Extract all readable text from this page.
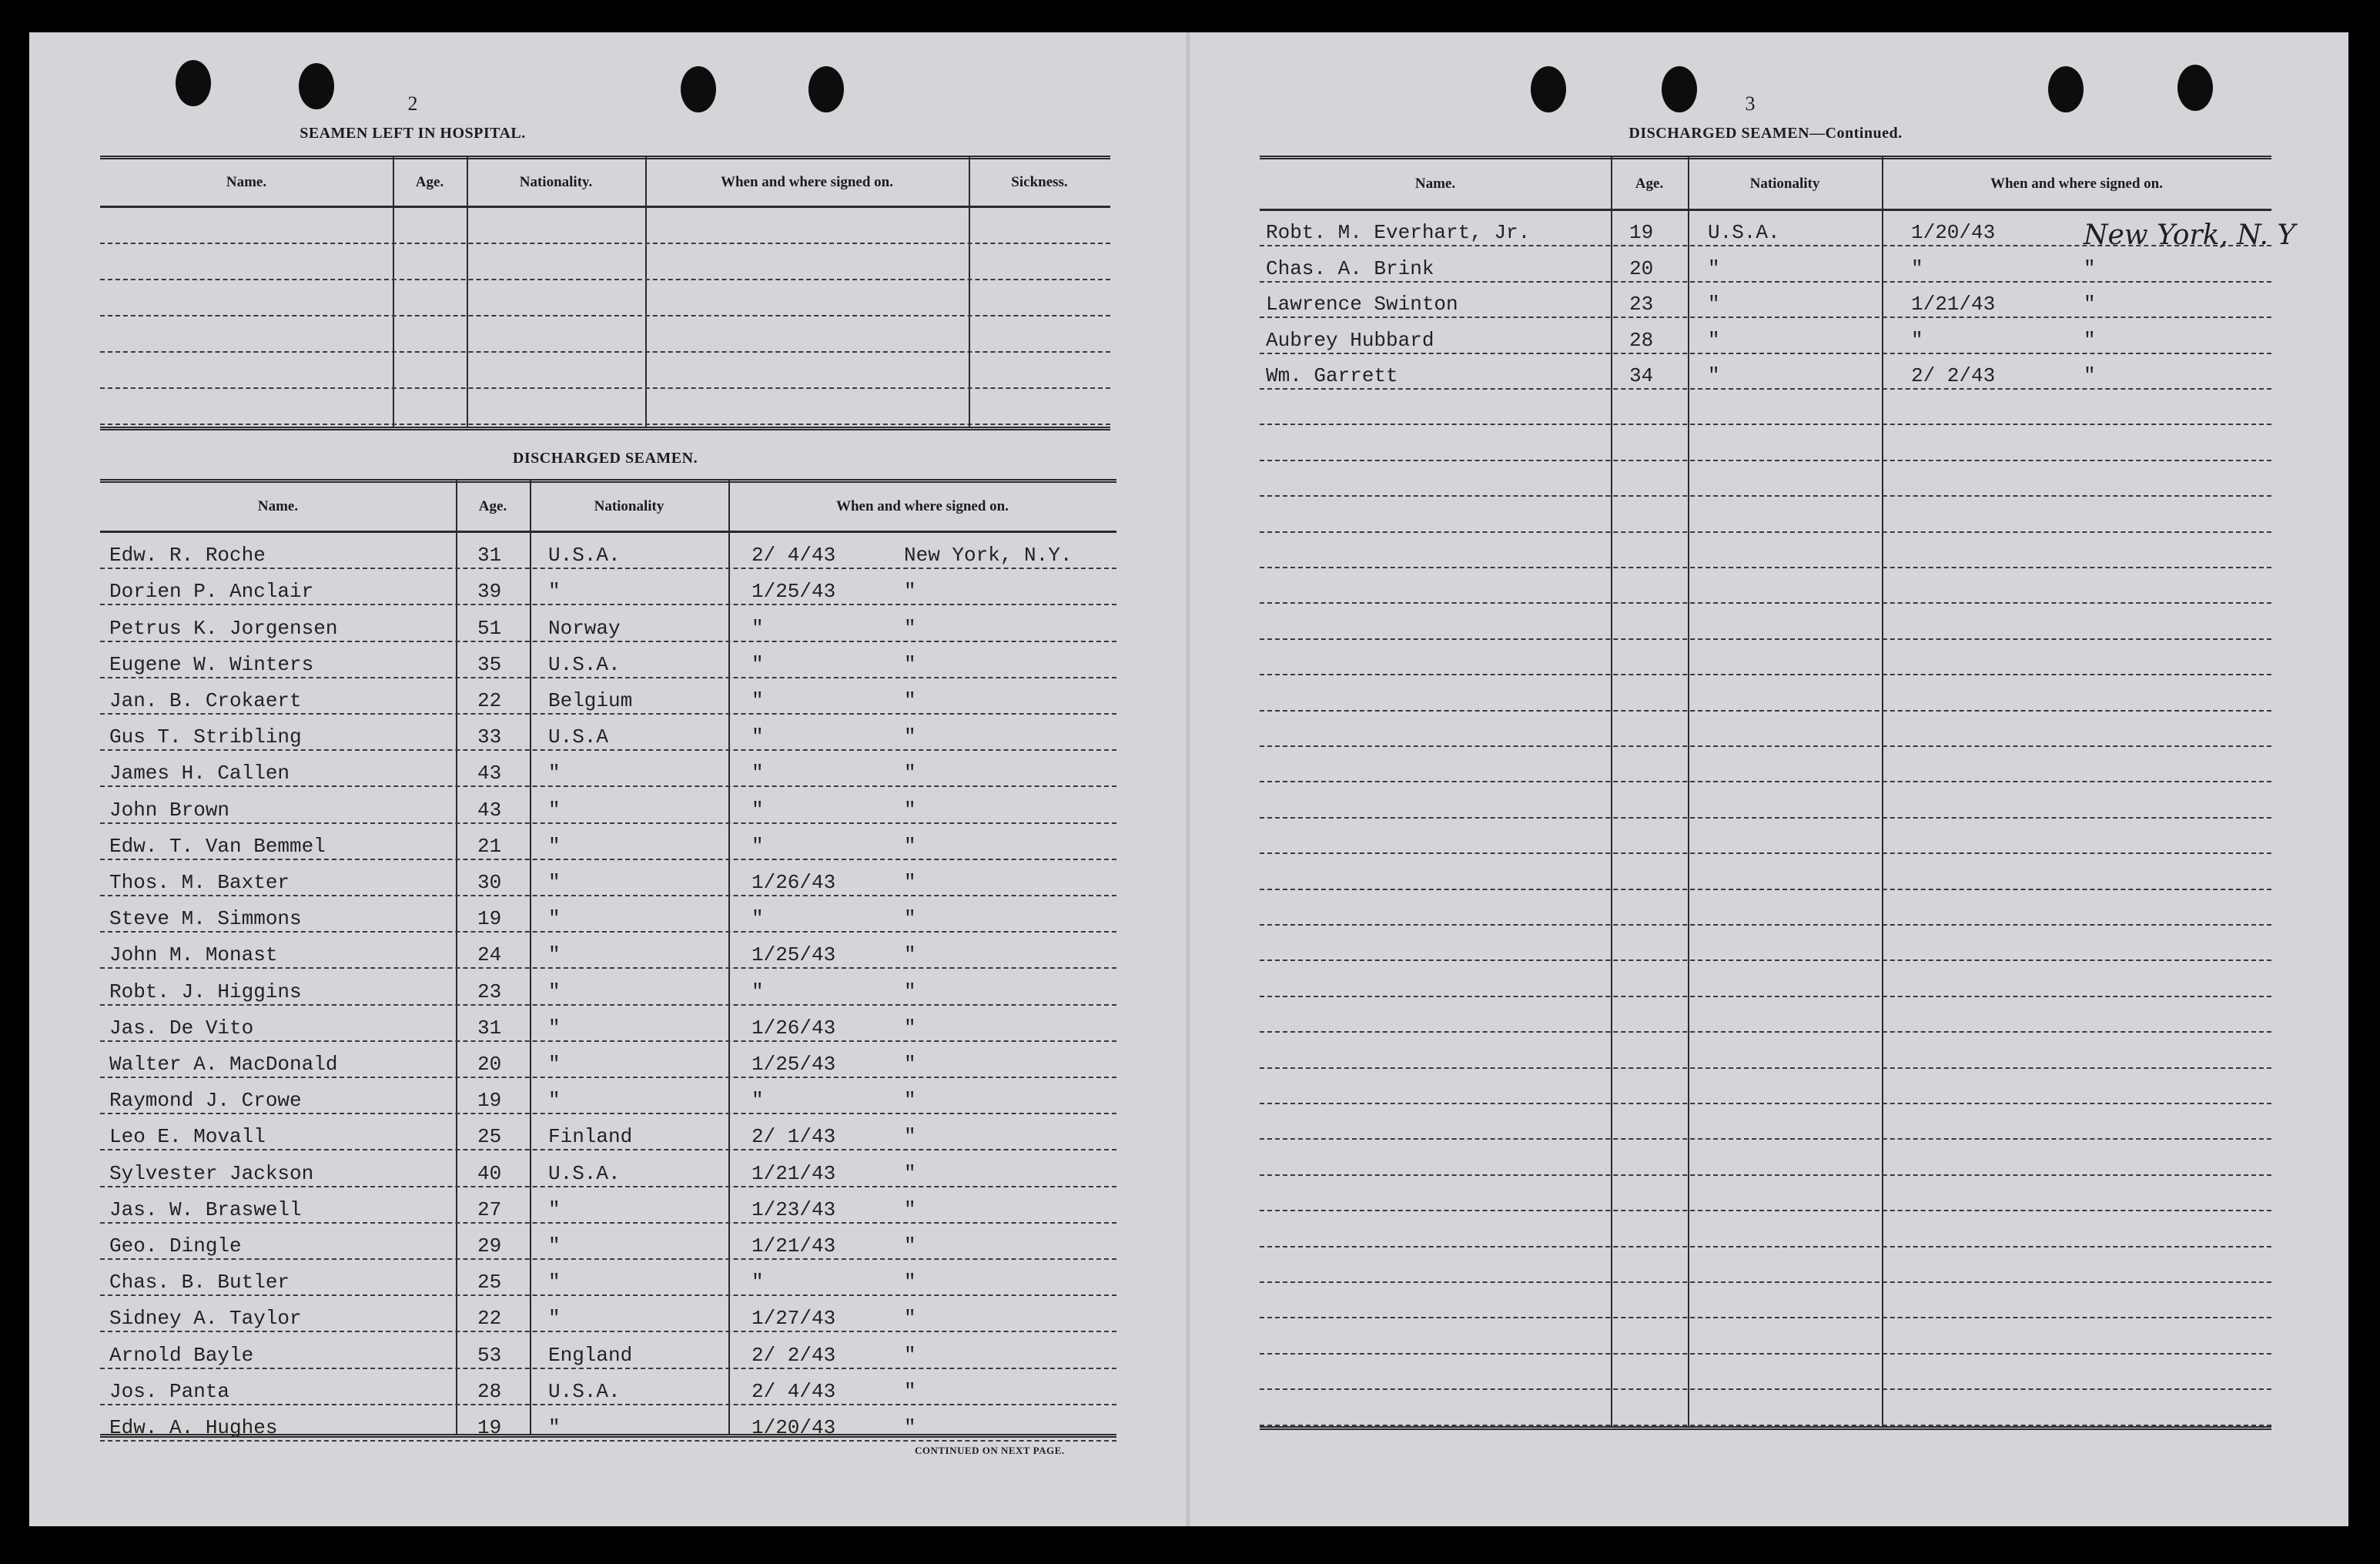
2
SEAMEN LEFT IN HOSPITAL.
Name.	Age.	Nationality.	When and where signed on.	Sickness.
DISCHARGED SEAMEN.
Name.	Age.	Nationality	When and where signed on.
Edw. R. Roche	31 U.S.A.	2/ 4/43	New York, N.Y.
Dorien P. Anclair	39 "	1/25/43	"
Petrus K. Jorgensen	51 Norway	"	"
Eugene W. Winters	35 U.S.A.	"	"
Jan. B. Crokaert	22 Belgium	"	"
Gus T. Stribling	33 U.S.A	"	"
James H. Callen	43 "	"	"
John Brown	43 "	"	"
Edw. T. Van Bemmel	21 "	"	"
Thos. M. Baxter	30 "	1/26/43	"
Steve M. Simmons	19 "	"	"
John M. Monast	24 "	1/25/43	"
Robt. J. Higgins	23 "	"	"
Jas. De Vito	31 "	1/26/43	"
Walter A. MacDonald	20 "	1/25/43	"
Raymond J. Crowe	19 "	"	"
Leo E. Movall	25 Finland	2/ 1/43	"
Sylvester Jackson	40 U.S.A.	1/21/43	"
Jas. W. Braswell	27 "	1/23/43	"
Geo. Dingle	29 "	1/21/43	"
Chas. B. Butler	25 "	"	"
Sidney A. Taylor	22 "	1/27/43	"
Arnold Bayle	53 England	2/ 2/43	"
Jos. Panta	28 U.S.A.	2/ 4/43	"
Edw. A. Hughes	19 "	1/20/43	"
CONTINUED ON NEXT PAGE.
3
DISCHARGED SEAMEN—Continued.
Name.	Age.	Nationality	When and where signed on.
Robt. M. Everhart, Jr.	19	U.S.A.	1/20/43	New York, N. Y
Chas. A. Brink	20	"	"	"
Lawrence Swinton	23	"	1/21/43	"
Aubrey Hubbard	28	"	"	"
Wm. Garrett	34	"	2/ 2/43	"
